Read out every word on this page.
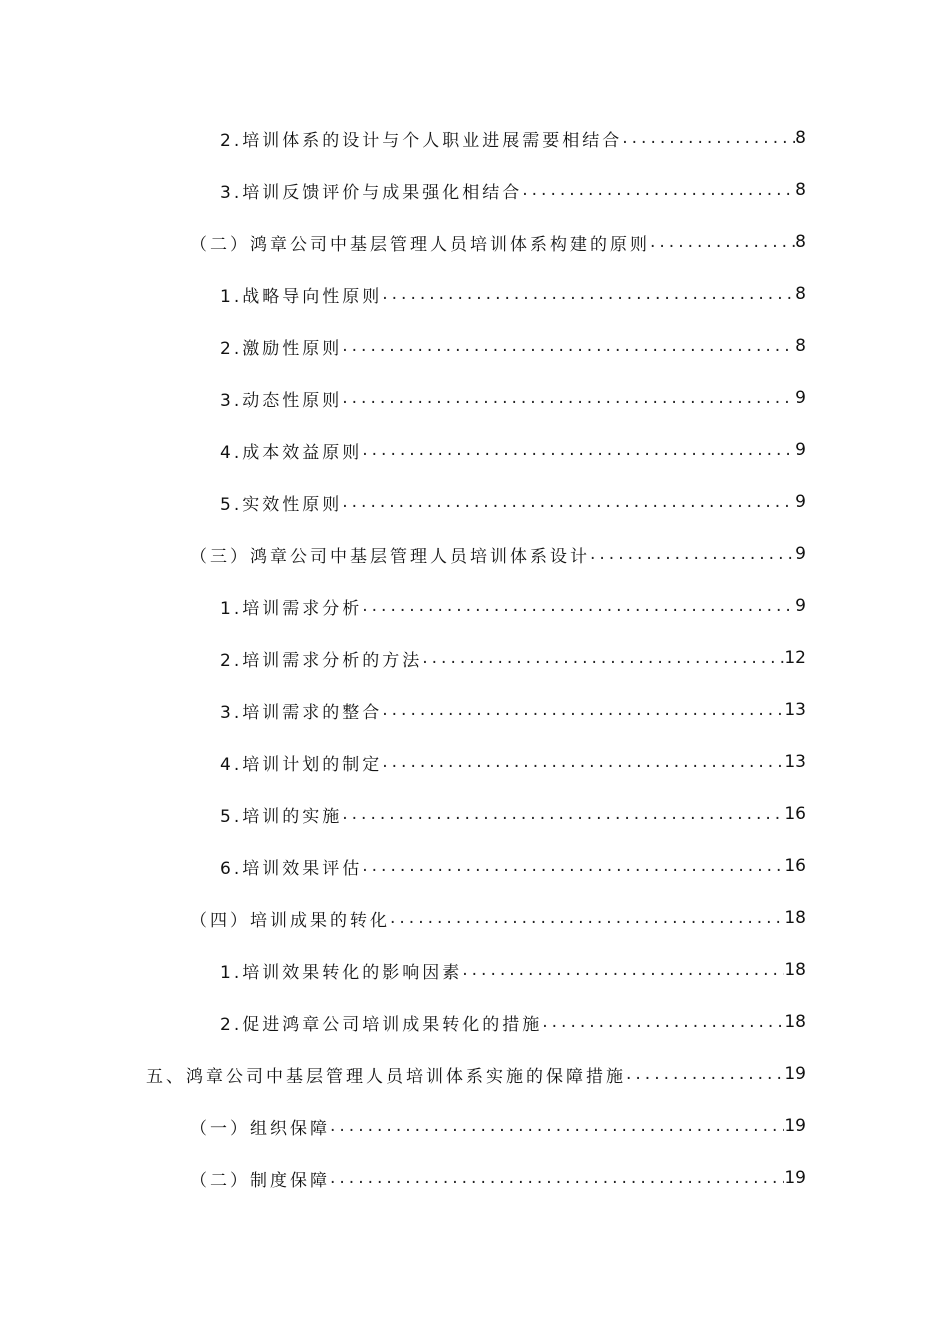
2.培训体系的设计与个人职业进展需要相结合 .....	8
3.培训反馈评价与成果强化相结合 .....	8
（二）鸿章公司中基层管理人员培训体系构建的原则 .....	8
1.战略导向性原则 .....	8
2.激励性原则 .....	8
3.动态性原则 .....	9
4.成本效益原则 .....	9
5.实效性原则 .....	9
（三）鸿章公司中基层管理人员培训体系设计 .....	9
1.培训需求分析 .....	9
2.培训需求分析的方法 .....	12
3.培训需求的整合 .....	13
4.培训计划的制定 .....	13
5.培训的实施 .....	16
6.培训效果评估 .....	16
（四）培训成果的转化 .....	18
1.培训效果转化的影响因素 .....	18
2.促进鸿章公司培训成果转化的措施 .....	18
五、鸿章公司中基层管理人员培训体系实施的保障措施 .....	19
（一）组织保障 .....	19
（二）制度保障 .....	19
